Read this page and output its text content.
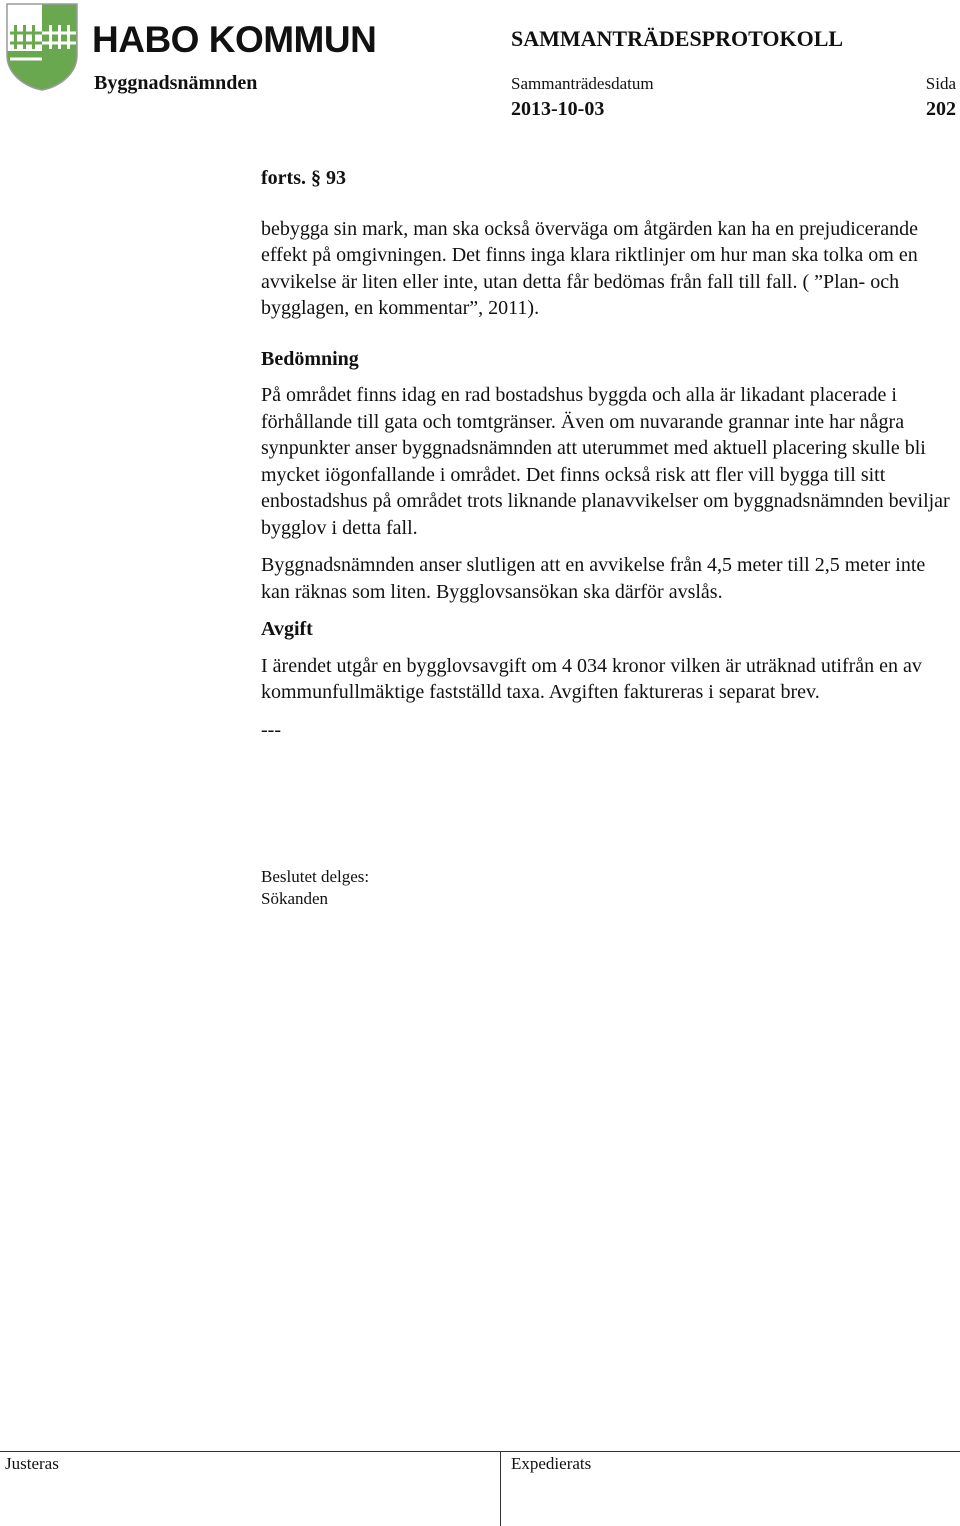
HABO KOMMUN	SAMMANTRÄDESPROTOKOLL
Byggnadsnämnden	Sammanträdesdatum	Sida
2013-10-03	202

forts. § 93

bebygga sin mark, man ska också överväga om åtgärden kan ha en prejudicerande effekt på omgivningen. Det finns inga klara riktlinjer om hur man ska tolka om en avvikelse är liten eller inte, utan detta får bedömas från fall till fall. ( ”Plan- och bygglagen, en kommentar”, 2011).

Bedömning

På området finns idag en rad bostadshus byggda och alla är likadant placerade i förhållande till gata och tomtgränser. Även om nuvarande grannar inte har några synpunkter anser byggnadsnämnden att uterummet med aktuell placering skulle bli mycket iögonfallande i området. Det finns också risk att fler vill bygga till sitt enbostadshus på området trots liknande planavvikelser om byggnadsnämnden beviljar bygglov i detta fall.

Byggnadsnämnden anser slutligen att en avvikelse från 4,5 meter till 2,5 meter inte kan räknas som liten. Bygglovsansökan ska därför avslås.

Avgift

I ärendet utgår en bygglovsavgift om 4 034 kronor vilken är uträknad utifrån en av kommunfullmäktige fastställd taxa. Avgiften faktureras i separat brev.

---

Beslutet delges:
Sökanden
Justeras	Expedierats
